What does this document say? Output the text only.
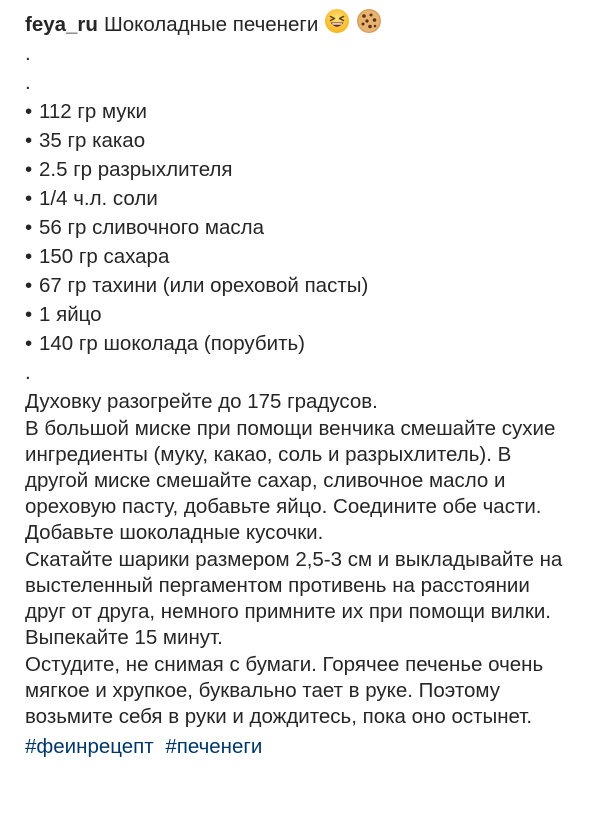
feya_ru Шоколадные печенеги
.
.
• 112 гр муки
• 35 гр какао
• 2.5 гр разрыхлителя
• 1/4 ч.л. соли
• 56 гр сливочного масла
• 150 гр сахара
• 67 гр тахини (или ореховой пасты)
• 1 яйцо
• 140 гр шоколада (порубить)
.

Духовку разогрейте до 175 градусов.

В большой миске при помощи венчика смешайте сухие ингредиенты (муку, какао, соль и разрыхлитель). В другой миске смешайте сахар, сливочное масло и ореховую пасту, добавьте яйцо. Соедините обе части. Добавьте шоколадные кусочки.

Скатайте шарики размером 2,5-3 см и выкладывайте на выстеленный пергаментом противень на расстоянии друг от друга, немного примните их при помощи вилки. Выпекайте 15 минут.

Остудите, не снимая с бумаги. Горячее печенье очень мягкое и хрупкое, буквально тает в руке. Поэтому возьмите себя в руки и дождитесь, пока оно остынет.

#феинрецепт #печенеги
